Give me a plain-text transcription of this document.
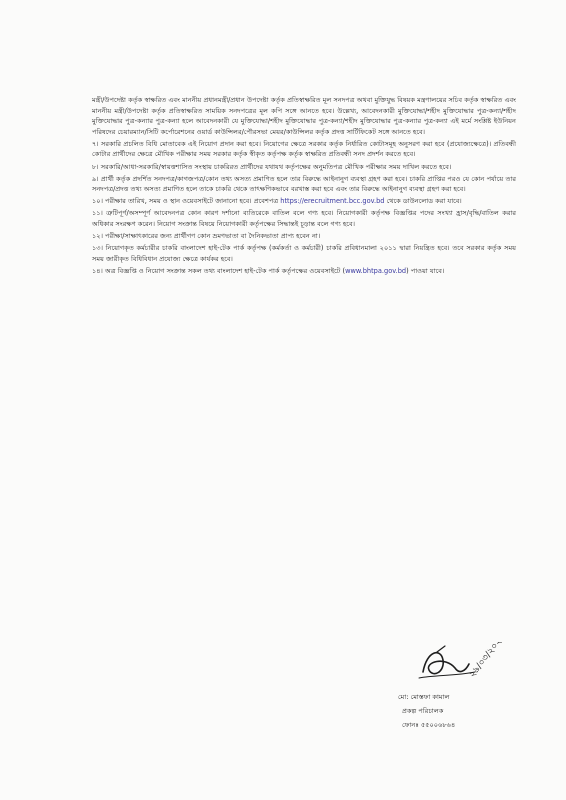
মন্ত্রী/উপদেষ্টা কর্তৃক স্বাক্ষরিত এবং মাননীয় প্রধানমন্ত্রী/প্রধান উপদেষ্টা কর্তৃক প্রতিস্বাক্ষরিত মূল সনদপত্র অথবা মুক্তিযুদ্ধ বিষয়ক মন্ত্রণালয়ের সচিব কর্তৃক স্বাক্ষরিত এবং মাননীয় মন্ত্রী/উপদেষ্টা কর্তৃক প্রতিস্বাক্ষরিত সাময়িক সনদপত্রের মূল কপি সঙ্গে আনতে হবে। উল্লেখ্য, আবেদনকারী মুক্তিযোদ্ধা/শহীদ মুক্তিযোদ্ধার পুত্র-কন্যা/শহীদ মুক্তিযোদ্ধার পুত্র-কন্যার পুত্র-কন্যা হলে আবেদনকারী যে মুক্তিযোদ্ধা/শহীদ মুক্তিযোদ্ধার পুত্র-কন্যা/শহীদ মুক্তিযোদ্ধার পুত্র-কন্যার পুত্র-কন্যা এই মর্মে সংশ্লিষ্ট ইউনিয়ন পরিষদের চেয়ারম্যান/সিটি কর্পোরেশনের ওয়ার্ড কাউন্সিলর/পৌরসভা মেয়র/কাউন্সিলর কর্তৃক প্রদত্ত সার্টিফিকেট সঙ্গে আনতে হবে।

৭। সরকারি প্রচলিত বিধি মোতাবেক এই নিয়োগ প্রদান করা হবে। নিয়োগের ক্ষেত্রে সরকার কর্তৃক নির্ধারিত কোটাসমূহ অনুসরণ করা হবে (প্রযোজ্যক্ষেত্রে)। প্রতিবন্ধী কোটার প্রার্থীদের ক্ষেত্রে মৌখিক পরীক্ষার সময় সরকার কর্তৃক স্বীকৃত কর্তৃপক্ষ কর্তৃক স্বাক্ষরিত প্রতিবন্ধী সনদ প্রদর্শন করতে হবে।

৮। সরকারি/আধা-সরকারি/স্বায়ত্তশাসিত সংস্থায় চাকরিরত প্রার্থীদের যথাযথ কর্তৃপক্ষের অনুমতিপত্র মৌখিক পরীক্ষার সময় দাখিল করতে হবে।

৯। প্রার্থী কর্তৃক প্রদর্শিত সনদপত্র/কাগজপত্র/কোন তথ্য অসত্য প্রমাণিত হলে তার বিরুদ্ধে আইনানুগ ব্যবস্থা গ্রহণ করা হবে। চাকরি প্রাপ্তির পরও যে কোন পর্যায়ে তার সনদপত্র/প্রদত্ত তথ্য অসত্য প্রমাণিত হলে তাকে চাকরি থেকে তাৎক্ষণিকভাবে বরখাস্ত করা হবে এবং তার বিরুদ্ধে আইনানুগ ব্যবস্থা গ্রহণ করা হবে।

১০। পরীক্ষার তারিখ, সময় ও স্থান ওয়েবসাইটে জানানো হবে। প্রবেশপত্র https://erecruitment.bcc.gov.bd থেকে ডাউনলোড করা যাবে।

১১। ত্রুটিপূর্ণ/অসম্পূর্ণ আবেদনপত্র কোন কারণ দর্শানো ব্যতিরেকে বাতিল বলে গণ্য হবে। নিয়োগকারী কর্তৃপক্ষ বিজ্ঞপ্তির পদের সংখ্যা হ্রাস/বৃদ্ধি/বাতিল করার অধিকার সংরক্ষণ করেন। নিয়োগ সংক্রান্ত বিষয়ে নিয়োগকারী কর্তৃপক্ষের সিদ্ধান্তই চূড়ান্ত বলে গণ্য হবে।

১২। পরীক্ষা/সাক্ষাৎকারের জন্য প্রার্থীগণ কোন ভ্রমণভাতা বা দৈনিকভাতা প্রাপ্য হবেন না।

১৩। নিয়োগকৃত কর্মচারীর চাকরি বাংলাদেশ হাই-টেক পার্ক কর্তৃপক্ষ (কর্মকর্তা ও কর্মচারী) চাকরি প্রবিধানমালা ২০১১ দ্বারা নিয়ন্ত্রিত হবে। তবে সরকার কর্তৃক সময় সময় জারীকৃত বিধিবিধান প্রযোজ্য ক্ষেত্রে কার্যকর হবে।

১৪। অত্র বিজ্ঞপ্তি ও নিয়োগ সংক্রান্ত সকল তথ্য বাংলাদেশ হাই-টেক পার্ক কর্তৃপক্ষের ওয়েবসাইটে (www.bhtpa.gov.bd) পাওয়া যাবে।

২৯/০৩/২০২২
মো: মোস্তফা কামাল
প্রকল্প পরিচালক
ফোনঃ ৫৫০০৬৮৬৪
